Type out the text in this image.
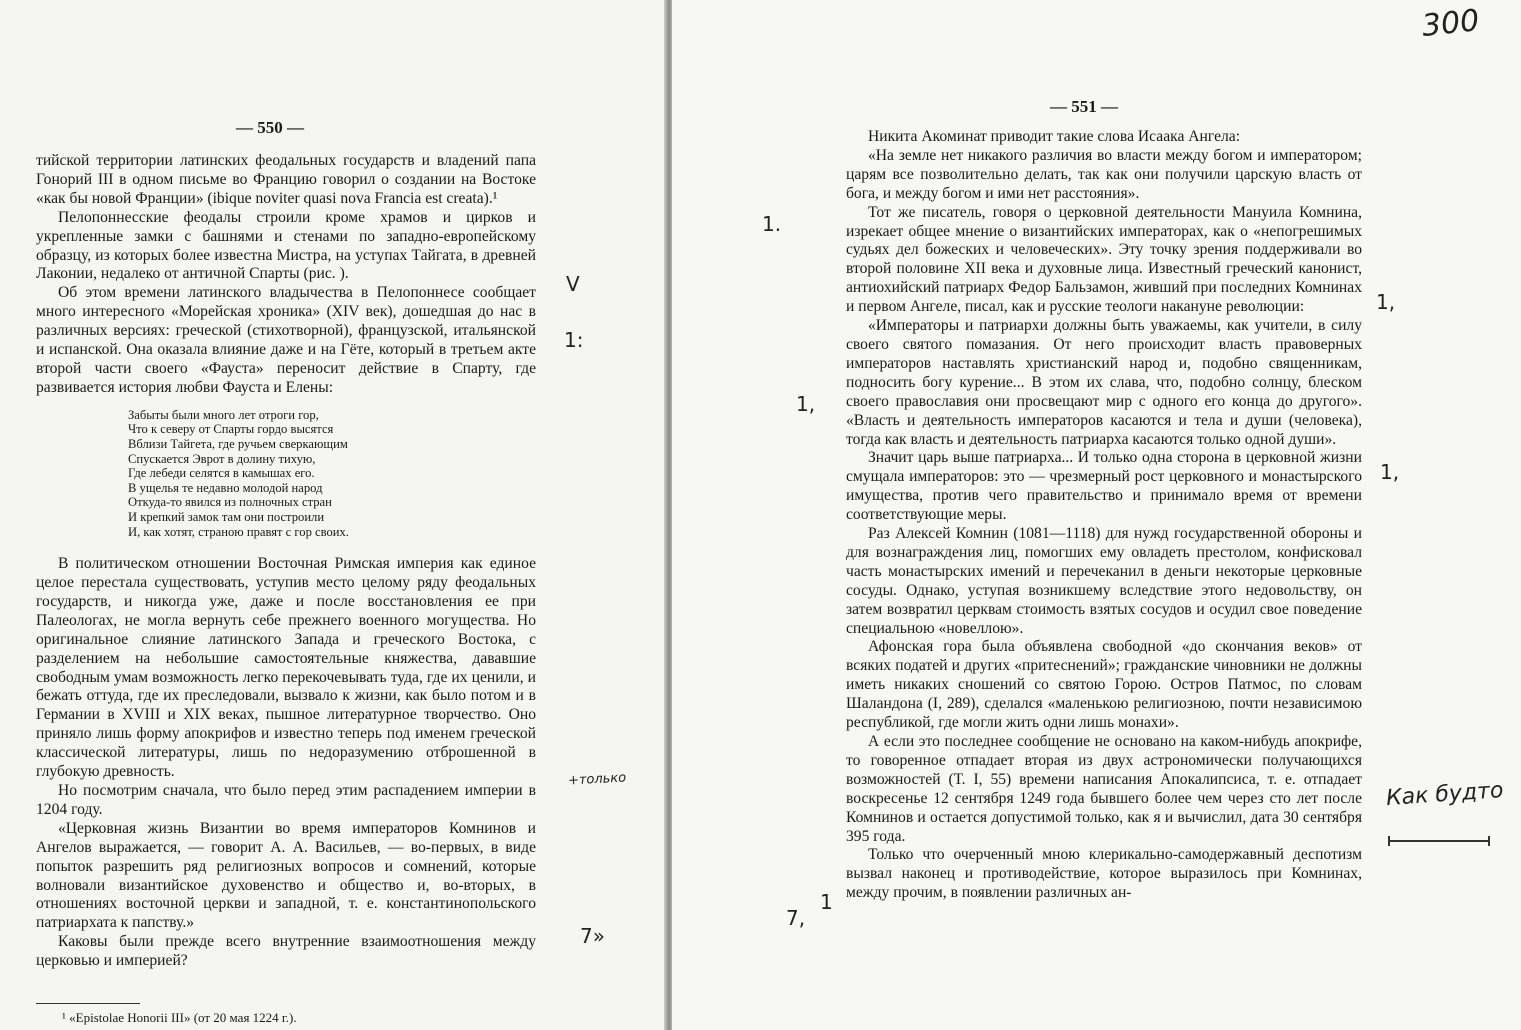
— 550 —

тийской территории латинских феодальных государств и владений папа Гонорий III в одном письме во Францию говорил о создании на Востоке «как бы новой Франции» (ibique noviter quasi nova Francia est creata).¹

Пелопоннесские феодалы строили кроме храмов и цирков и укрепленные замки с башнями и стенами по западно-европейскому образцу, из которых более известна Мистра, на уступах Тайгата, в древней Лаконии, недалеко от античной Спарты (рис. ).

Об этом времени латинского владычества в Пелопоннесе сообщает много интересного «Морейская хроника» (XIV век), дошедшая до нас в различных версиях: греческой (стихотворной), французской, итальянской и испанской. Она оказала влияние даже и на Гёте, который в третьем акте второй части своего «Фауста» переносит действие в Спарту, где развивается история любви Фауста и Елены:

Забыты были много лет отроги гор,
Что к северу от Спарты гордо высятся
Вблизи Тайгета, где ручьем сверкающим
Спускается Эврот в долину тихую,
Где лебеди селятся в камышах его.
В ущелья те недавно молодой народ
Откуда-то явился из полночных стран
И крепкий замок там они построили
И, как хотят, страною правят с гор своих.

В политическом отношении Восточная Римская империя как единое целое перестала существовать, уступив место целому ряду феодальных государств, и никогда уже, даже и после восстановления ее при Палеологах, не могла вернуть себе прежнего военного могущества. Но оригинальное слияние латинского Запада и греческого Востока, с разделением на небольшие самостоятельные княжества, дававшие свободным умам возможность легко перекочевывать туда, где их ценили, и бежать оттуда, где их преследовали, вызвало к жизни, как было потом и в Германии в XVIII и XIX веках, пышное литературное творчество. Оно приняло лишь форму апокрифов и известно теперь под именем греческой классической литературы, лишь по недоразумению отброшенной в глубокую древность.

Но посмотрим сначала, что было перед этим распадением империи в 1204 году.

«Церковная жизнь Византии во время императоров Комнинов и Ангелов выражается, — говорит А. А. Васильев, — во-первых, в виде попыток разрешить ряд религиозных вопросов и сомнений, которые волновали византийское духовенство и общество и, во-вторых, в отношениях восточной церкви и западной, т. е. константинопольского патриархата к папству.»

Каковы были прежде всего внутренние взаимоотношения между церковью и империей?

¹ «Epistolae Honorii III» (от 20 мая 1224 г.).
— 551 —

Никита Акоминат приводит такие слова Исаака Ангела:

«На земле нет никакого различия во власти между богом и императором; царям все позволительно делать, так как они получили царскую власть от бога, и между богом и ими нет расстояния».

Тот же писатель, говоря о церковной деятельности Мануила Комнина, изрекает общее мнение о византийских императорах, как о «непогрешимых судьях дел божеских и человеческих». Эту точку зрения поддерживали во второй половине XII века и духовные лица. Известный греческий канонист, антиохийский патриарх Федор Бальзамон, живший при последних Комнинах и первом Ангеле, писал, как и русские теологи накануне революции:

«Императоры и патриархи должны быть уважаемы, как учители, в силу своего святого помазания. От него происходит власть правоверных императоров наставлять христианский народ и, подобно священникам, подносить богу курение... В этом их слава, что, подобно солнцу, блеском своего православия они просвещают мир с одного его конца до другого». «Власть и деятельность императоров касаются и тела и души (человека), тогда как власть и деятельность патриарха касаются только одной души».

Значит царь выше патриарха... И только одна сторона в церковной жизни смущала императоров: это — чрезмерный рост церковного и монастырского имущества, против чего правительство и принимало время от времени соответствующие меры.

Раз Алексей Комнин (1081—1118) для нужд государственной обороны и для вознаграждения лиц, помогших ему овладеть престолом, конфисковал часть монастырских имений и перечеканил в деньги некоторые церковные сосуды. Однако, уступая возникшему вследствие этого недовольству, он затем возвратил церквам стоимость взятых сосудов и осудил свое поведение специальною «новеллою».

Афонская гора была объявлена свободной «до скончания веков» от всяких податей и других «притеснений»; гражданские чиновники не должны иметь никаких сношений со святою Горою. Остров Патмос, по словам Шаландона (I, 289), сделался «маленькою религиозною, почти независимою республикой, где могли жить одни лишь монахи».

А если это последнее сообщение не основано на каком-нибудь апокрифе, то говоренное отпадает вторая из двух астрономически получающихся возможностей (Т. I, 55) времени написания Апокалипсиса, т. е. отпадает воскресенье 12 сентября 1249 года бывшего более чем через сто лет после Комнинов и остается допустимой только, как я и вычислил, дата 30 сентября 395 года.

Только что очерченный мною клерикально-самодержавный деспотизм вызвал наконец и противодействие, которое выразилось при Комнинах, между прочим, в появлении различных ан-

300
Как будто
+только
V
1:
7»
1.
1,
1,
7,
1
1,
